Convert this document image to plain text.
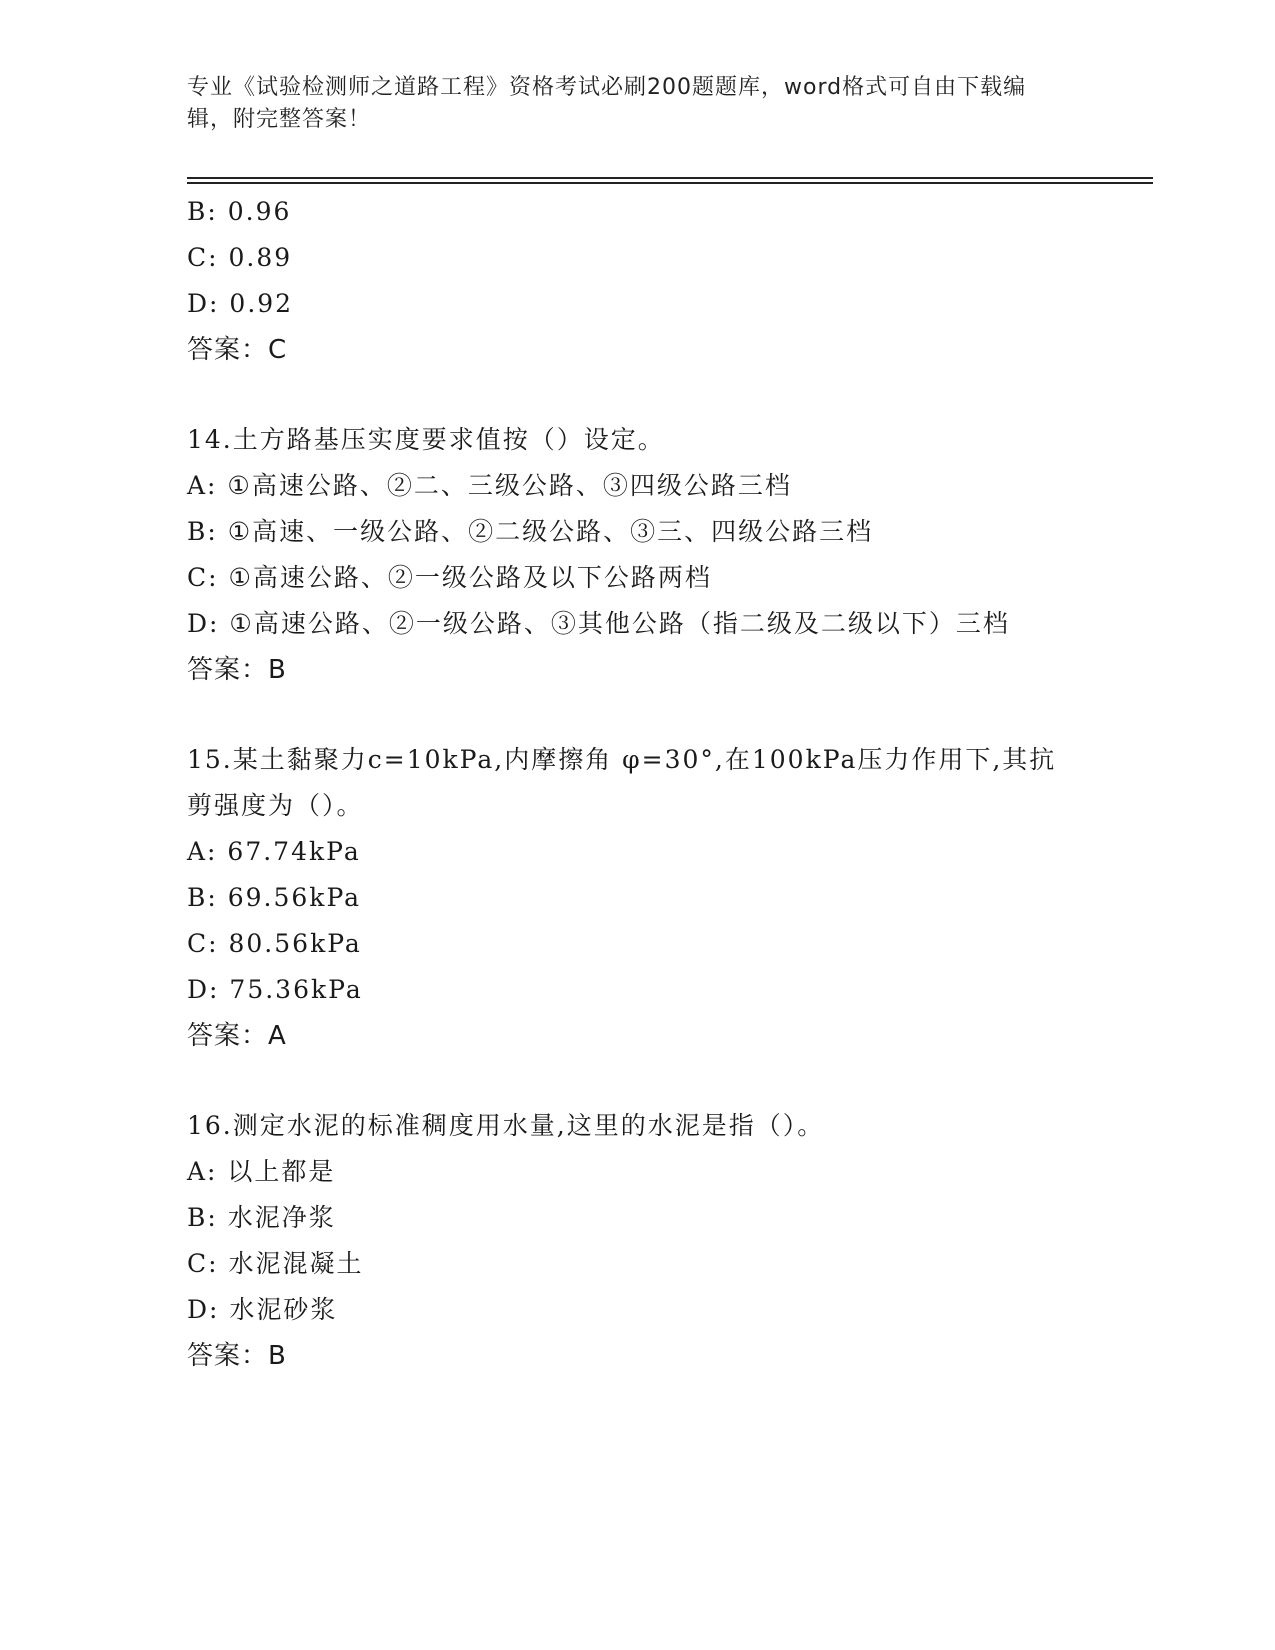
专业《试验检测师之道路工程》资格考试必刷200题题库，word格式可自由下载编辑，附完整答案！
B: 0.96
C: 0.89
D: 0.92
答案：C
14.土方路基压实度要求值按（）设定。
A: ①高速公路、②二、三级公路、③四级公路三档
B: ①高速、一级公路、②二级公路、③三、四级公路三档
C: ①高速公路、②一级公路及以下公路两档
D: ①高速公路、②一级公路、③其他公路（指二级及二级以下）三档
答案：B
15.某土黏聚力c=10kPa,内摩擦角 φ=30°,在100kPa压力作用下,其抗剪强度为（）。
A: 67.74kPa
B: 69.56kPa
C: 80.56kPa
D: 75.36kPa
答案：A
16.测定水泥的标准稠度用水量,这里的水泥是指（）。
A: 以上都是
B: 水泥净浆
C: 水泥混凝土
D: 水泥砂浆
答案：B
